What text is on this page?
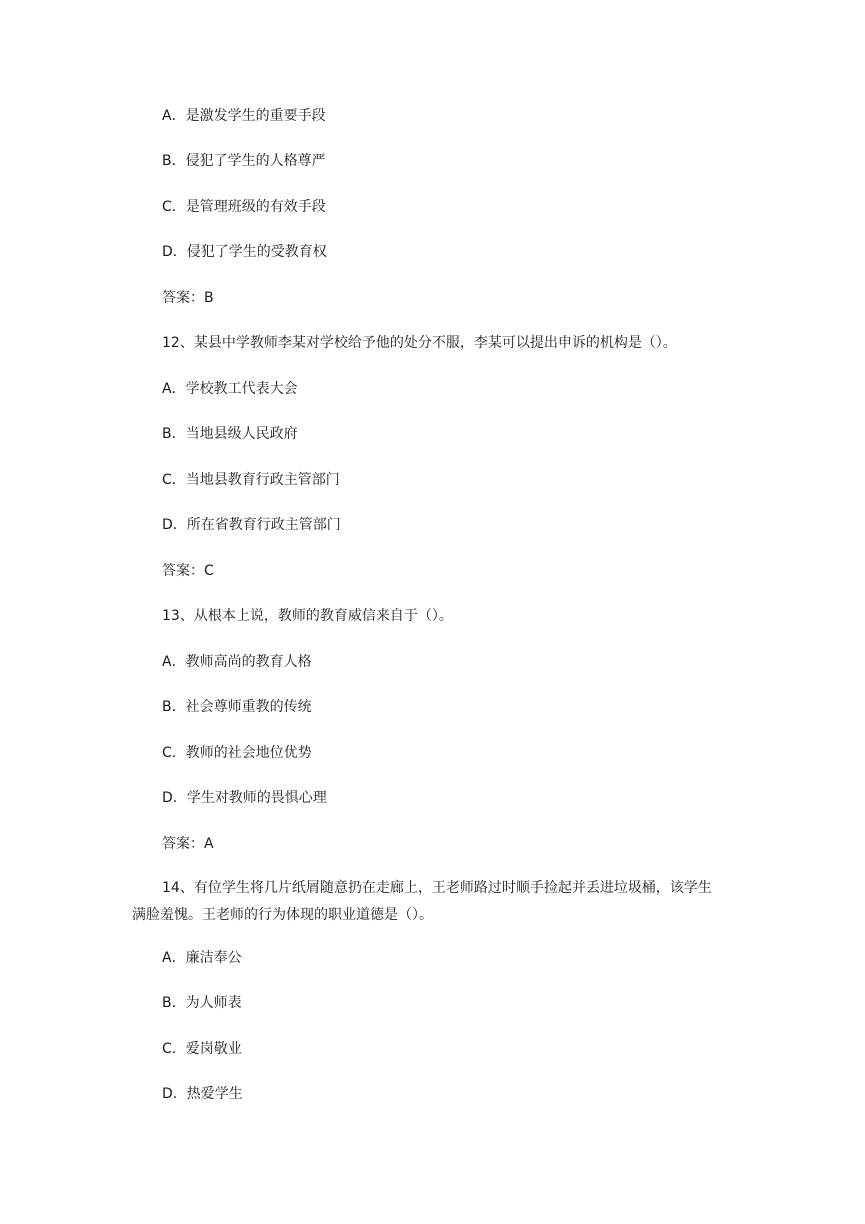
A．是激发学生的重要手段
B．侵犯了学生的人格尊严
C．是管理班级的有效手段
D．侵犯了学生的受教育权
答案：B
12、某县中学教师李某对学校给予他的处分不服，李某可以提出申诉的机构是（）。
A．学校教工代表大会
B．当地县级人民政府
C．当地县教育行政主管部门
D．所在省教育行政主管部门
答案：C
13、从根本上说，教师的教育威信来自于（）。
A．教师高尚的教育人格
B．社会尊师重教的传统
C．教师的社会地位优势
D．学生对教师的畏惧心理
答案：A
14、有位学生将几片纸屑随意扔在走廊上，王老师路过时顺手捡起并丢进垃圾桶，该学生满脸羞愧。王老师的行为体现的职业道德是（）。
A．廉洁奉公
B．为人师表
C．爱岗敬业
D．热爱学生
